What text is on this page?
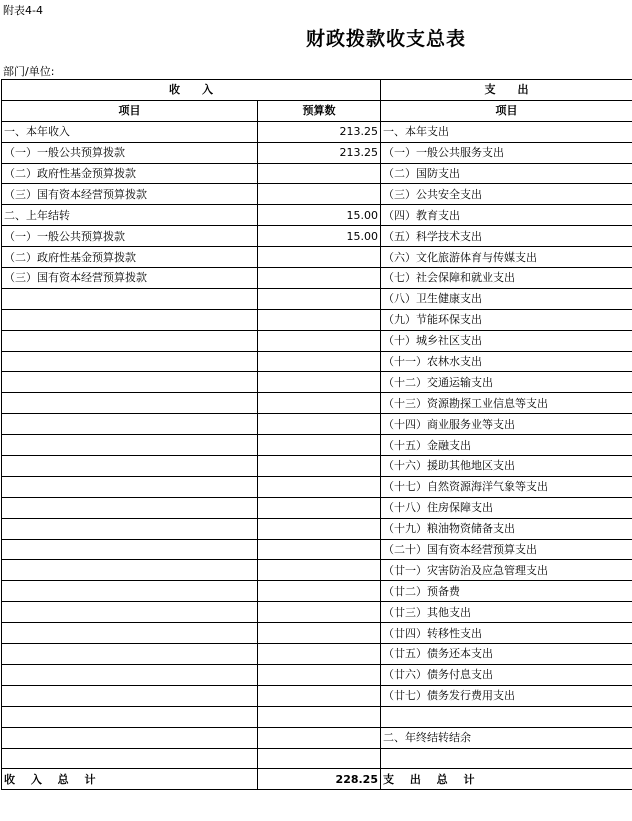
附表4-4
财政拨款收支总表
部门/单位:
收　　入		支　　出
项目	预算数	项目
一、本年收入	213.25	一、本年支出
（一）一般公共预算拨款	213.25	（一）一般公共服务支出
（二）政府性基金预算拨款		（二）国防支出
（三）国有资本经营预算拨款		（三）公共安全支出
二、上年结转	15.00	（四）教育支出
（一）一般公共预算拨款	15.00	（五）科学技术支出
（二）政府性基金预算拨款		（六）文化旅游体育与传媒支出
（三）国有资本经营预算拨款		（七）社会保障和就业支出
		（八）卫生健康支出
		（九）节能环保支出
		（十）城乡社区支出
		（十一）农林水支出
		（十二）交通运输支出
		（十三）资源勘探工业信息等支出
		（十四）商业服务业等支出
		（十五）金融支出
		（十六）援助其他地区支出
		（十七）自然资源海洋气象等支出
		（十八）住房保障支出
		（十九）粮油物资储备支出
		（二十）国有资本经营预算支出
		（廿一）灾害防治及应急管理支出
		（廿二）预备费
		（廿三）其他支出
		（廿四）转移性支出
		（廿五）债务还本支出
		（廿六）债务付息支出
		（廿七）债务发行费用支出

		二、年终结转结余

收 入 总 计	228.25	支 出 总 计
